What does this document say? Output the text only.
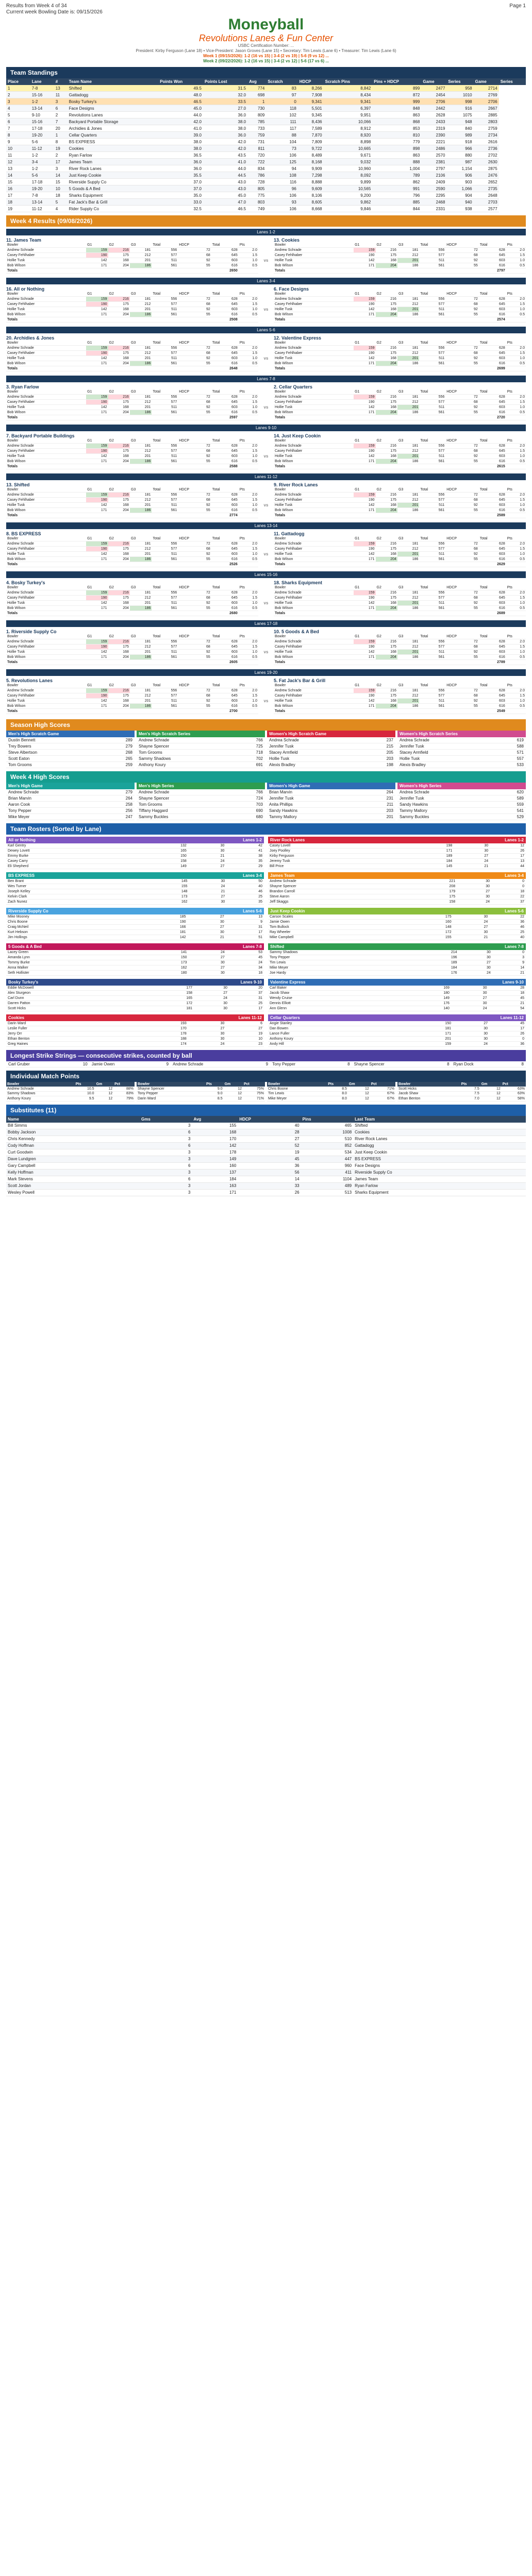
Results from Week 4 of 34
Current week Bowling Date is: 09/15/2026
Page 1
Moneyball
Revolutions Lanes & Fun Center
USBC Certification Number: ...
President: Kirby Ferguson (Lane 18) • Vice-President: Jason Groves (Lane 15) • Secretary: Tim Lewis (Lane 6) • Treasurer: Tim Lewis (Lane 6)
Week 1 (09/15/2026): 1-2 (16 vs 15) | 3-4 (2 vs 19) | 5-6 (9 vs 12) ...
Week 2 (09/22/2026): 1-2 (16 vs 15) | 3-4 (2 vs 12) | 5-6 (17 vs 6) ...
Team Standings
Place	Lane	#	Team Name	Points Won	Points Lost	Avg	Scratch	HDCP	Scratch Pins	Pins + HDCP	Game	Series	Game	Series
1	7-8	13	Shifted	49.5	31.5	774	83	8,266	8,842	899	2477	958	2714	
2	15-16	11	Gattadogg	48.0	32.0	698	97	7,908	8,434	872	2454	1010	2769	
3	1-2	3	Bosky Turkey's	46.5	33.5	1	0	9,341	9,341	999	2706	998	2706	
4	13-14	6	Face Designs	45.0	27.0	730	118	5,501	6,397	848	2442	916	2667	
5	9-10	2	Revolutions Lanes	44.0	36.0	809	102	9,345	9,951	863	2628	1075	2885	
6	15-16	7	Backyard Portable Storage	42.0	38.0	785	111	8,436	10,066	868	2433	948	2803	
7	17-18	20	Archidies & Jones	41.0	38.0	733	117	7,589	8,912	853	2319	840	2759	
8	19-20	1	Cellar Quarters	39.0	36.0	759	88	7,870	8,920	810	2390	989	2734	
9	5-6	8	BS EXPRESS	38.0	42.0	731	104	7,809	8,898	779	2221	918	2616	
10	11-12	19	Cookies	38.0	42.0	811	73	9,722	10,665	898	2486	966	2736	
11	1-2	2	Ryan Farlow	36.5	43.5	720	106	8,489	9,671	863	2570	880	2702	
12	3-4	17	James Team	36.0	41.0	722	125	8,168	9,032	888	2381	987	2630	
13	1-2	3	River Rock Lanes	36.0	44.0	834	94	9,909	10,960	1,004	2797	1,154	2875	
14	5-6	14	Just Keep Cookie	35.5	44.5	786	108	7,298	8,092	789	2106	906	2476	
15	17-18	15	Riverside Supply Co	37.0	43.0	728	116	8,888	9,899	862	2409	903	2652	
16	19-20	10	5 Goods & A Bed	37.0	43.0	805	96	9,609	10,565	991	2590	1,066	2735	
17	7-8	18	Sharks Equipment	35.0	45.0	775	106	8,106	9,200	796	2295	904	2648	
18	13-14	5	Fat Jack's Bar & Grill	33.0	47.0	803	93	8,605	9,862	885	2468	940	2703	
19	11-12	4	Rider Supply Co	32.5	46.5	749	106	8,668	9,846	844	2331	938	2577	
Week 4 Results (09/08/2026)
Lanes 1-2
11. James Team
Bowler	G1	G2	G3	Total	HDCP	Total	Pts
Andrew Schrade	159	216	181	556	72	628	2.0
Casey Fehlhaber	190	175	212	577	68	645	1.5
Hollie Tusk	142	168	201	511	92	603	1.0
Bob Wilson	171	204	186	561	55	616	0.5
Totals						2650	
vs
13. Cookies
Bowler	G1	G2	G3	Total	HDCP	Total	Pts
Andrew Schrade	159	216	181	556	72	628	2.0
Casey Fehlhaber	190	175	212	577	68	645	1.5
Hollie Tusk	142	168	201	511	92	603	1.0
Bob Wilson	171	204	186	561	55	616	0.5
Totals						2797	
Lanes 3-4
16. All or Nothing
Bowler	G1	G2	G3	Total	HDCP	Total	Pts
Andrew Schrade	159	216	181	556	72	628	2.0
Casey Fehlhaber	190	175	212	577	68	645	1.5
Hollie Tusk	142	168	201	511	92	603	1.0
Bob Wilson	171	204	186	561	55	616	0.5
Totals						2508	
vs
6. Face Designs
Bowler	G1	G2	G3	Total	HDCP	Total	Pts
Andrew Schrade	159	216	181	556	72	628	2.0
Casey Fehlhaber	190	175	212	577	68	645	1.5
Hollie Tusk	142	168	201	511	92	603	1.0
Bob Wilson	171	204	186	561	55	616	0.5
Totals						2574	
Lanes 5-6
20. Archidies & Jones
Bowler	G1	G2	G3	Total	HDCP	Total	Pts
Andrew Schrade	159	216	181	556	72	628	2.0
Casey Fehlhaber	190	175	212	577	68	645	1.5
Hollie Tusk	142	168	201	511	92	603	1.0
Bob Wilson	171	204	186	561	55	616	0.5
Totals						2648	
vs
12. Valentine Express
Bowler	G1	G2	G3	Total	HDCP	Total	Pts
Andrew Schrade	159	216	181	556	72	628	2.0
Casey Fehlhaber	190	175	212	577	68	645	1.5
Hollie Tusk	142	168	201	511	92	603	1.0
Bob Wilson	171	204	186	561	55	616	0.5
Totals						2699	
Lanes 7-8
3. Ryan Farlow
Bowler	G1	G2	G3	Total	HDCP	Total	Pts
Andrew Schrade	159	216	181	556	72	628	2.0
Casey Fehlhaber	190	175	212	577	68	645	1.5
Hollie Tusk	142	168	201	511	92	603	1.0
Bob Wilson	171	204	186	561	55	616	0.5
Totals						2597	
vs
2. Cellar Quarters
Bowler	G1	G2	G3	Total	HDCP	Total	Pts
Andrew Schrade	159	216	181	556	72	628	2.0
Casey Fehlhaber	190	175	212	577	68	645	1.5
Hollie Tusk	142	168	201	511	92	603	1.0
Bob Wilson	171	204	186	561	55	616	0.5
Totals						2720	
Lanes 9-10
7. Backyard Portable Buildings
Bowler	G1	G2	G3	Total	HDCP	Total	Pts
Andrew Schrade	159	216	181	556	72	628	2.0
Casey Fehlhaber	190	175	212	577	68	645	1.5
Hollie Tusk	142	168	201	511	92	603	1.0
Bob Wilson	171	204	186	561	55	616	0.5
Totals						2588	
vs
14. Just Keep Cookin
Bowler	G1	G2	G3	Total	HDCP	Total	Pts
Andrew Schrade	159	216	181	556	72	628	2.0
Casey Fehlhaber	190	175	212	577	68	645	1.5
Hollie Tusk	142	168	201	511	92	603	1.0
Bob Wilson	171	204	186	561	55	616	0.5
Totals						2615	
Lanes 11-12
13. Shifted
Bowler	G1	G2	G3	Total	HDCP	Total	Pts
Andrew Schrade	159	216	181	556	72	628	2.0
Casey Fehlhaber	190	175	212	577	68	645	1.5
Hollie Tusk	142	168	201	511	92	603	1.0
Bob Wilson	171	204	186	561	55	616	0.5
Totals						2774	
vs
9. River Rock Lanes
Bowler	G1	G2	G3	Total	HDCP	Total	Pts
Andrew Schrade	159	216	181	556	72	628	2.0
Casey Fehlhaber	190	175	212	577	68	645	1.5
Hollie Tusk	142	168	201	511	92	603	1.0
Bob Wilson	171	204	186	561	55	616	0.5
Totals						2589	
Lanes 13-14
8. BS EXPRESS
Bowler	G1	G2	G3	Total	HDCP	Total	Pts
Andrew Schrade	159	216	181	556	72	628	2.0
Casey Fehlhaber	190	175	212	577	68	645	1.5
Hollie Tusk	142	168	201	511	92	603	1.0
Bob Wilson	171	204	186	561	55	616	0.5
Totals						2526	
vs
11. Gattadogg
Bowler	G1	G2	G3	Total	HDCP	Total	Pts
Andrew Schrade	159	216	181	556	72	628	2.0
Casey Fehlhaber	190	175	212	577	68	645	1.5
Hollie Tusk	142	168	201	511	92	603	1.0
Bob Wilson	171	204	186	561	55	616	0.5
Totals						2629	
Lanes 15-16
4. Bosky Turkey's
Bowler	G1	G2	G3	Total	HDCP	Total	Pts
Andrew Schrade	159	216	181	556	72	628	2.0
Casey Fehlhaber	190	175	212	577	68	645	1.5
Hollie Tusk	142	168	201	511	92	603	1.0
Bob Wilson	171	204	186	561	55	616	0.5
Totals						2680	
vs
18. Sharks Equipment
Bowler	G1	G2	G3	Total	HDCP	Total	Pts
Andrew Schrade	159	216	181	556	72	628	2.0
Casey Fehlhaber	190	175	212	577	68	645	1.5
Hollie Tusk	142	168	201	511	92	603	1.0
Bob Wilson	171	204	186	561	55	616	0.5
Totals						2689	
Lanes 17-18
1. Riverside Supply Co
Bowler	G1	G2	G3	Total	HDCP	Total	Pts
Andrew Schrade	159	216	181	556	72	628	2.0
Casey Fehlhaber	190	175	212	577	68	645	1.5
Hollie Tusk	142	168	201	511	92	603	1.0
Bob Wilson	171	204	186	561	55	616	0.5
Totals						2605	
vs
10. 5 Goods & A Bed
Bowler	G1	G2	G3	Total	HDCP	Total	Pts
Andrew Schrade	159	216	181	556	72	628	2.0
Casey Fehlhaber	190	175	212	577	68	645	1.5
Hollie Tusk	142	168	201	511	92	603	1.0
Bob Wilson	171	204	186	561	55	616	0.5
Totals						2789	
Lanes 19-20
5. Revolutions Lanes
Bowler	G1	G2	G3	Total	HDCP	Total	Pts
Andrew Schrade	159	216	181	556	72	628	2.0
Casey Fehlhaber	190	175	212	577	68	645	1.5
Hollie Tusk	142	168	201	511	92	603	1.0
Bob Wilson	171	204	186	561	55	616	0.5
Totals						2700	
vs
5. Fat Jack's Bar & Grill
Bowler	G1	G2	G3	Total	HDCP	Total	Pts
Andrew Schrade	159	216	181	556	72	628	2.0
Casey Fehlhaber	190	175	212	577	68	645	1.5
Hollie Tusk	142	168	201	511	92	603	1.0
Bob Wilson	171	204	186	561	55	616	0.5
Totals						2549	
Season High Scores
Men's High Scratch Game
Dustin Bennett	289
Trey Bowers	279
Steve Albertson	268
Scott Eaton	265
Tom Grooms	259
Men's High Scratch Series
Andrew Schrade	766
Shayne Spencer	725
Tom Grooms	718
Sammy Shadows	702
Anthony Koury	691
Women's High Scratch Game
Andrea Schrade	237
Jennifer Tusk	215
Stacey Armfield	205
Hollie Tusk	203
Alexis Bradley	198
Women's High Scratch Series
Andrea Schrade	619
Jennifer Tusk	588
Stacey Armfield	571
Hollie Tusk	557
Alexis Bradley	533
Week 4 High Scores
Men's High Game
Andrew Schrade	279
Brian Marvin	264
Aaron Cook	258
Tony Pepper	256
Mike Meyer	247
Men's High Series
Andrew Schrade	766
Shayne Spencer	724
Tom Grooms	703
Tiffany Haggard	690
Sammy Buckles	680
Women's High Game
Brian Marvin	264
Jennifer Tusk	231
Anita Phillips	211
Sandy Hawkins	203
Tammy Mallory	201
Women's High Series
Andrea Schrade	620
Jennifer Tusk	589
Sandy Hawkins	559
Tammy Mallory	541
Sammy Buckles	529
Team Rosters (Sorted by Lane)
All or Nothing	Lanes 1-2
Karl Gentry	132	30	42
Dewey Lovett	165	30	41
Emmy Burke	150	21	38
Casey Carry	158	24	35
Eli Shepherd	149	27	29
River Rock Lanes	Lanes 1-2
Casey Lovell	198	30	12
Joey Poolley	171	30	26
Kirby Ferguson	189	27	17
Jeremy Tusk	184	24	13
Bill Price	145	21	44
BS EXPRESS	Lanes 3-4
Ben Brant	145	30	50
Wes Turner	155	24	40
Joseph Kelley	148	21	46
Kelvin Clark	173	27	25
Zach Nunez	162	30	35
James Team	Lanes 3-4
Andrew Schrade	221	30	0
Shayne Spencer	208	30	0
Brandon Carroll	179	27	18
Steve Aaron	175	30	22
Jeff Skaggs	158	24	37
Riverside Supply Co	Lanes 5-6
Mike Mooney	185	27	13
Chris Boone	190	30	9
Craig McNeil	166	27	31
Kurt Hebson	181	30	17
Jim Hollings	142	21	51
Just Keep Cookin	Lanes 5-6
Carson Scales	175	30	22
Jamie Owen	160	24	36
Tom Bullock	148	27	46
Ray Wheeler	172	30	25
Mike Campbell	155	21	40
5 Goods & A Bed	Lanes 7-8
Lacey Green	141	24	53
Amanda Lynn	150	27	45
Tommy Burke	173	30	24
Anna Walker	162	27	34
Seth Hollister	180	30	18
Shifted	Lanes 7-8
Sammy Shadows	214	30	0
Tony Pepper	196	30	3
Tim Lewis	189	27	9
Mike Meyer	184	30	14
Joe Hardy	176	24	21
Bosky Turkey's	Lanes 9-10
Eddie McDowell	177	30	20
Alex Sturgeon	158	27	37
Carl Dunn	165	24	31
Darren Patton	172	30	25
Scott Hicks	181	30	17
Valentine Express	Lanes 9-10
Carl Baker	169	30	28
Jacob Shaw	180	30	18
Wendy Cruise	149	27	45
Dennis Elliott	176	30	21
Ann Glenn	140	24	54
Cookies	Lanes 11-12
Darin Ward	193	30	6
Leslie Fuller	170	27	27
Jerry Orr	178	30	19
Ethan Benton	188	30	10
Greg Haines	174	24	23
Cellar Quarters	Lanes 11-12
Angie Stanley	150	27	45
Dan Bowen	181	30	17
Lance Fuller	171	30	26
Anthony Koury	201	30	0
Andy Hill	159	24	36
Longest Strike Strings — consecutive strikes, counted by ball
Carl Gruber	10	Jamie Owen	9	Andrew Schrade	9	Tony Pepper	8	Shayne Spencer	8	Ryan Dock	8
Individual Match Points
Bowler	Pts	Gm	Pct
Andrew Schrade	10.5	12	88%
Sammy Shadows	10.0	12	83%
Anthony Koury	9.5	12	79%
Bowler	Pts	Gm	Pct
Shayne Spencer	9.0	12	75%
Tony Pepper	9.0	12	75%
Darin Ward	8.5	12	71%
Bowler	Pts	Gm	Pct
Chris Boone	8.5	12	71%
Tim Lewis	8.0	12	67%
Mike Meyer	8.0	12	67%
Bowler	Pts	Gm	Pct
Scott Hicks	7.5	12	63%
Jacob Shaw	7.5	12	63%
Ethan Benton	7.0	12	58%
Substitutes (11)
Name	Gms	Avg	HDCP	Pins	Last Team
Bill Simms	3	155	40	465	Shifted
Bobby Jackson	6	168	28	1008	Cookies
Chris Kennedy	3	170	27	510	River Rock Lanes
Cody Hoffman	6	142	52	852	Gattadogg
Curt Goodwin	3	178	19	534	Just Keep Cookin
Dave Lundgren	3	149	45	447	BS EXPRESS
Gary Campbell	6	160	36	960	Face Designs
Kelly Hoffman	3	137	56	411	Riverside Supply Co
Mark Stevens	6	184	14	1104	James Team
Scott Jordan	3	163	33	489	Ryan Farlow
Wesley Powell	3	171	26	513	Sharks Equipment
